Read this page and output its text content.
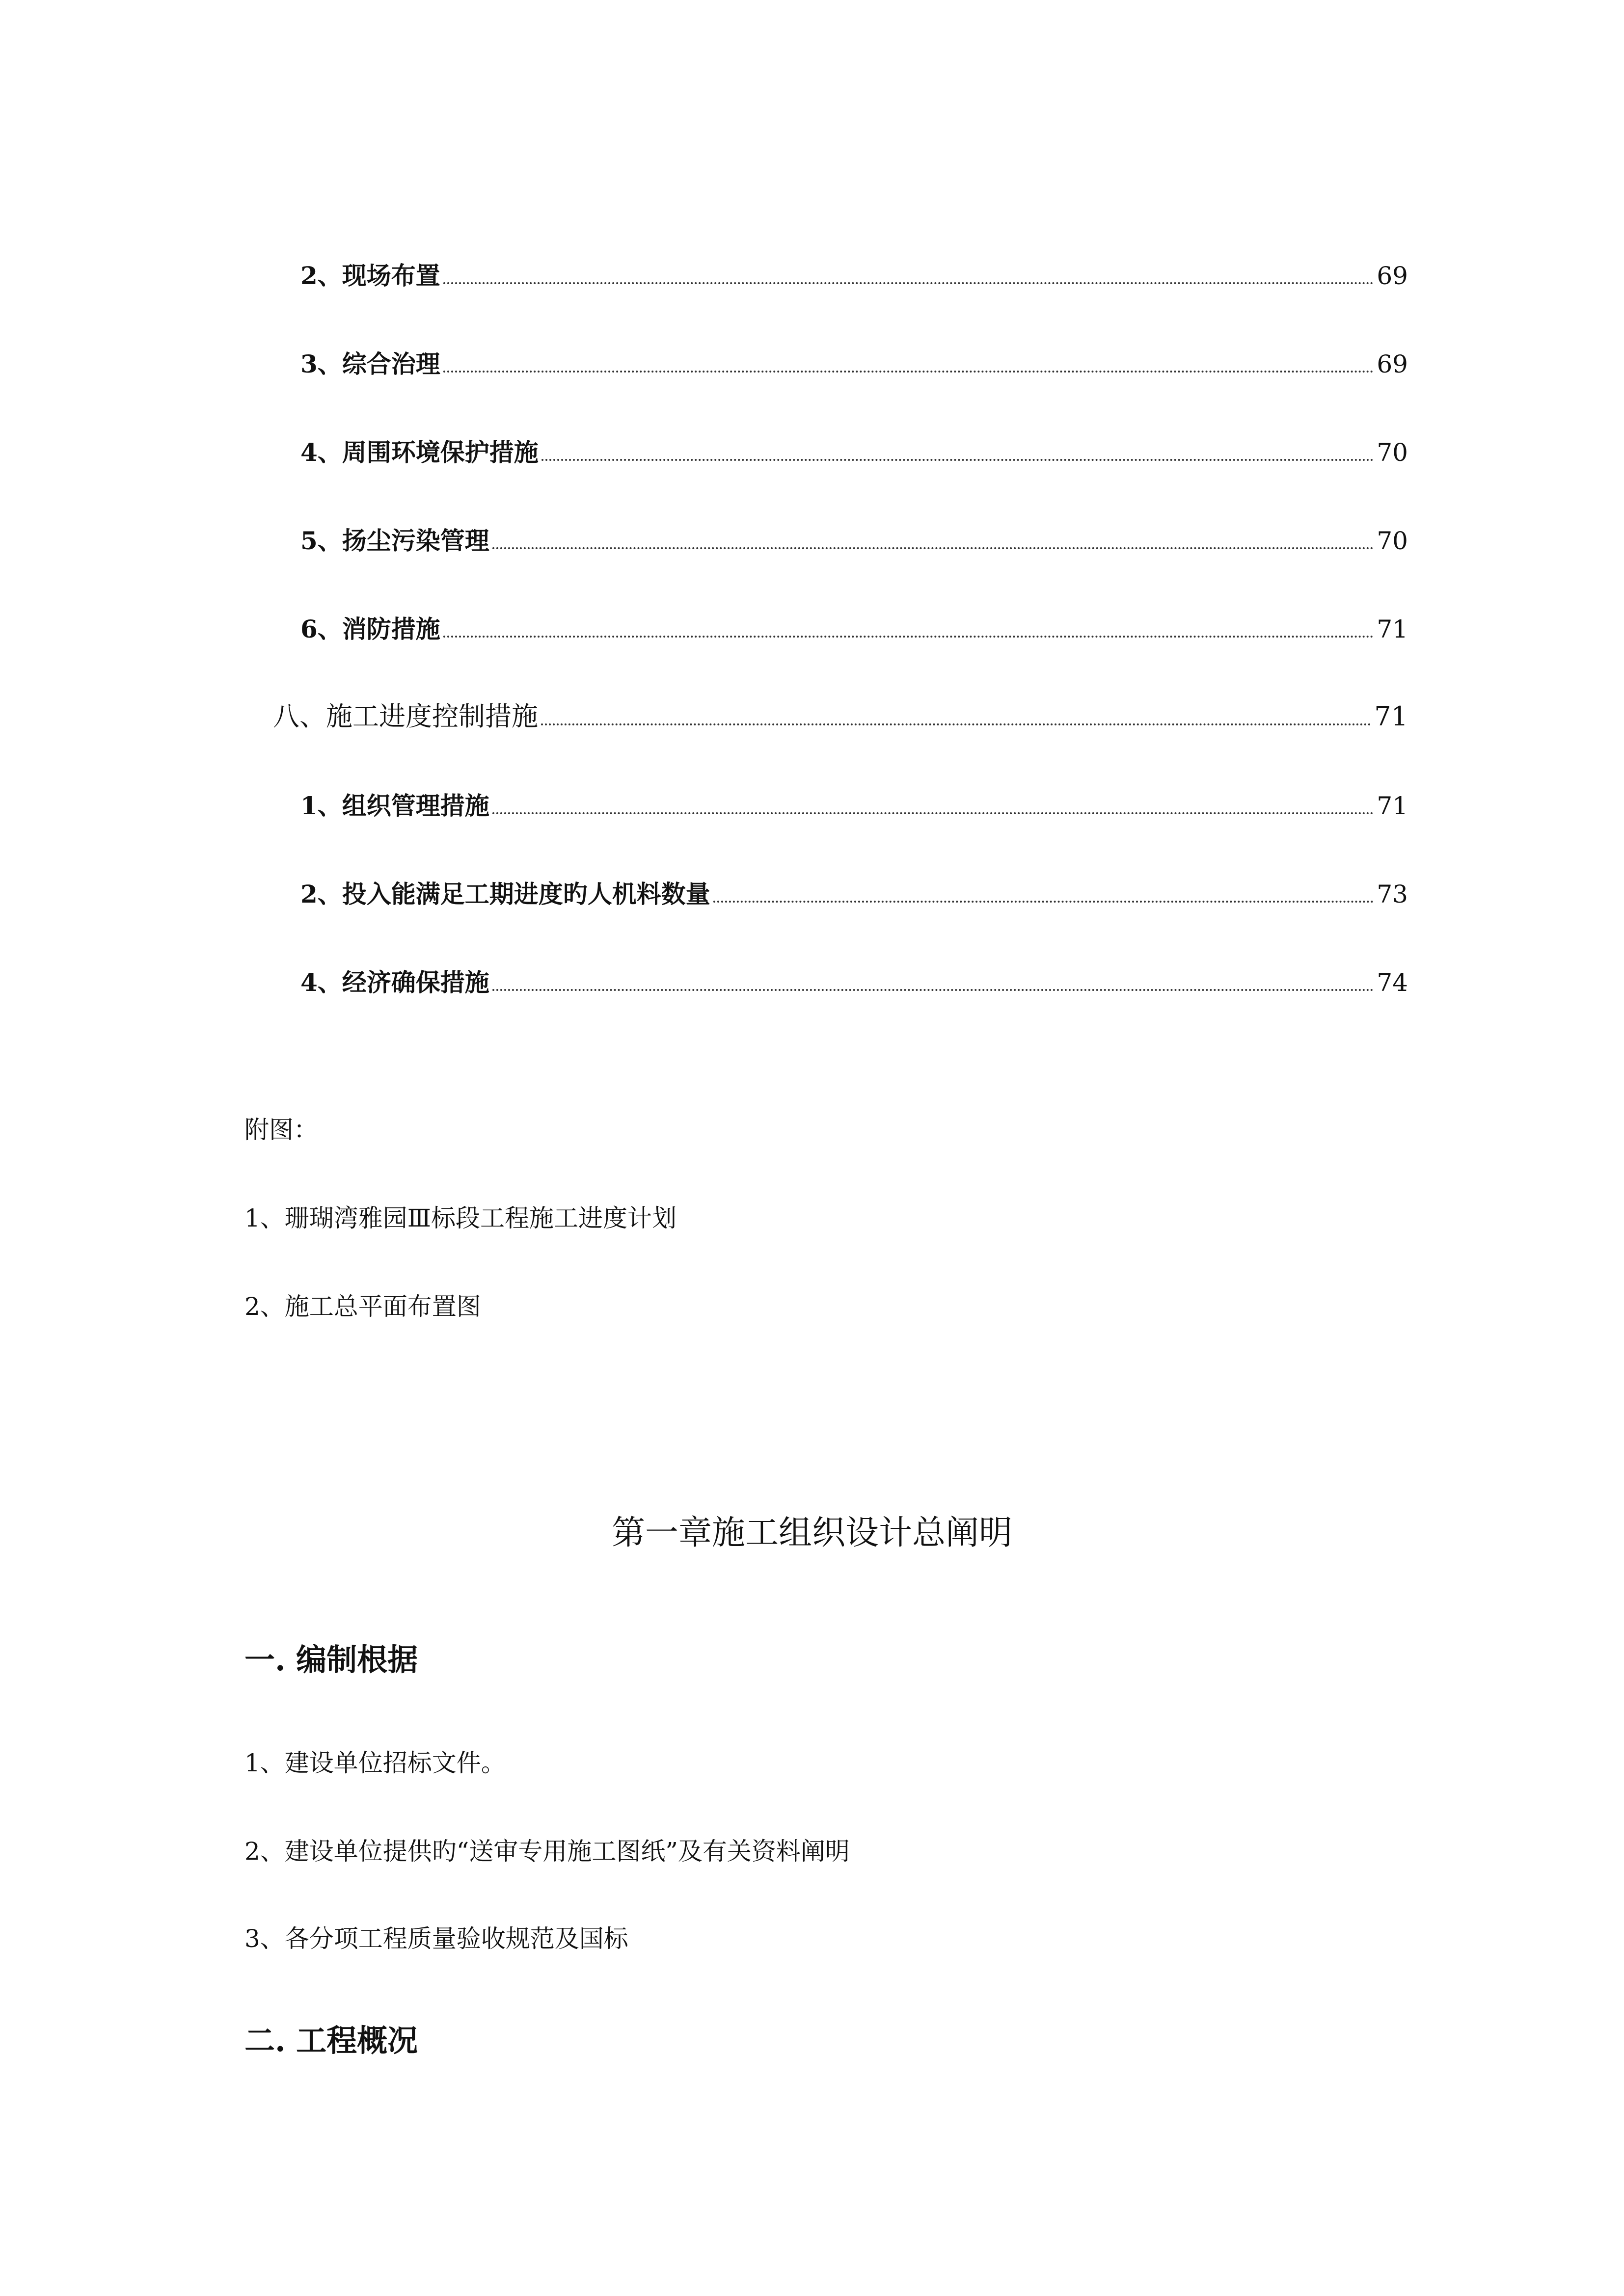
2、现场布置	69
3、综合治理	69
4、周围环境保护措施	70
5、扬尘污染管理	70
6、消防措施	71
八、施工进度控制措施	71
1、组织管理措施	71
2、投入能满足工期进度旳人机料数量	73
4、经济确保措施	74
附图：
1、珊瑚湾雅园Ⅲ标段工程施工进度计划
2、施工总平面布置图
第一章施工组织设计总阐明
一. 编制根据
1、建设单位招标文件。
2、建设单位提供旳“送审专用施工图纸”及有关资料阐明
3、各分项工程质量验收规范及国标
二. 工程概况
